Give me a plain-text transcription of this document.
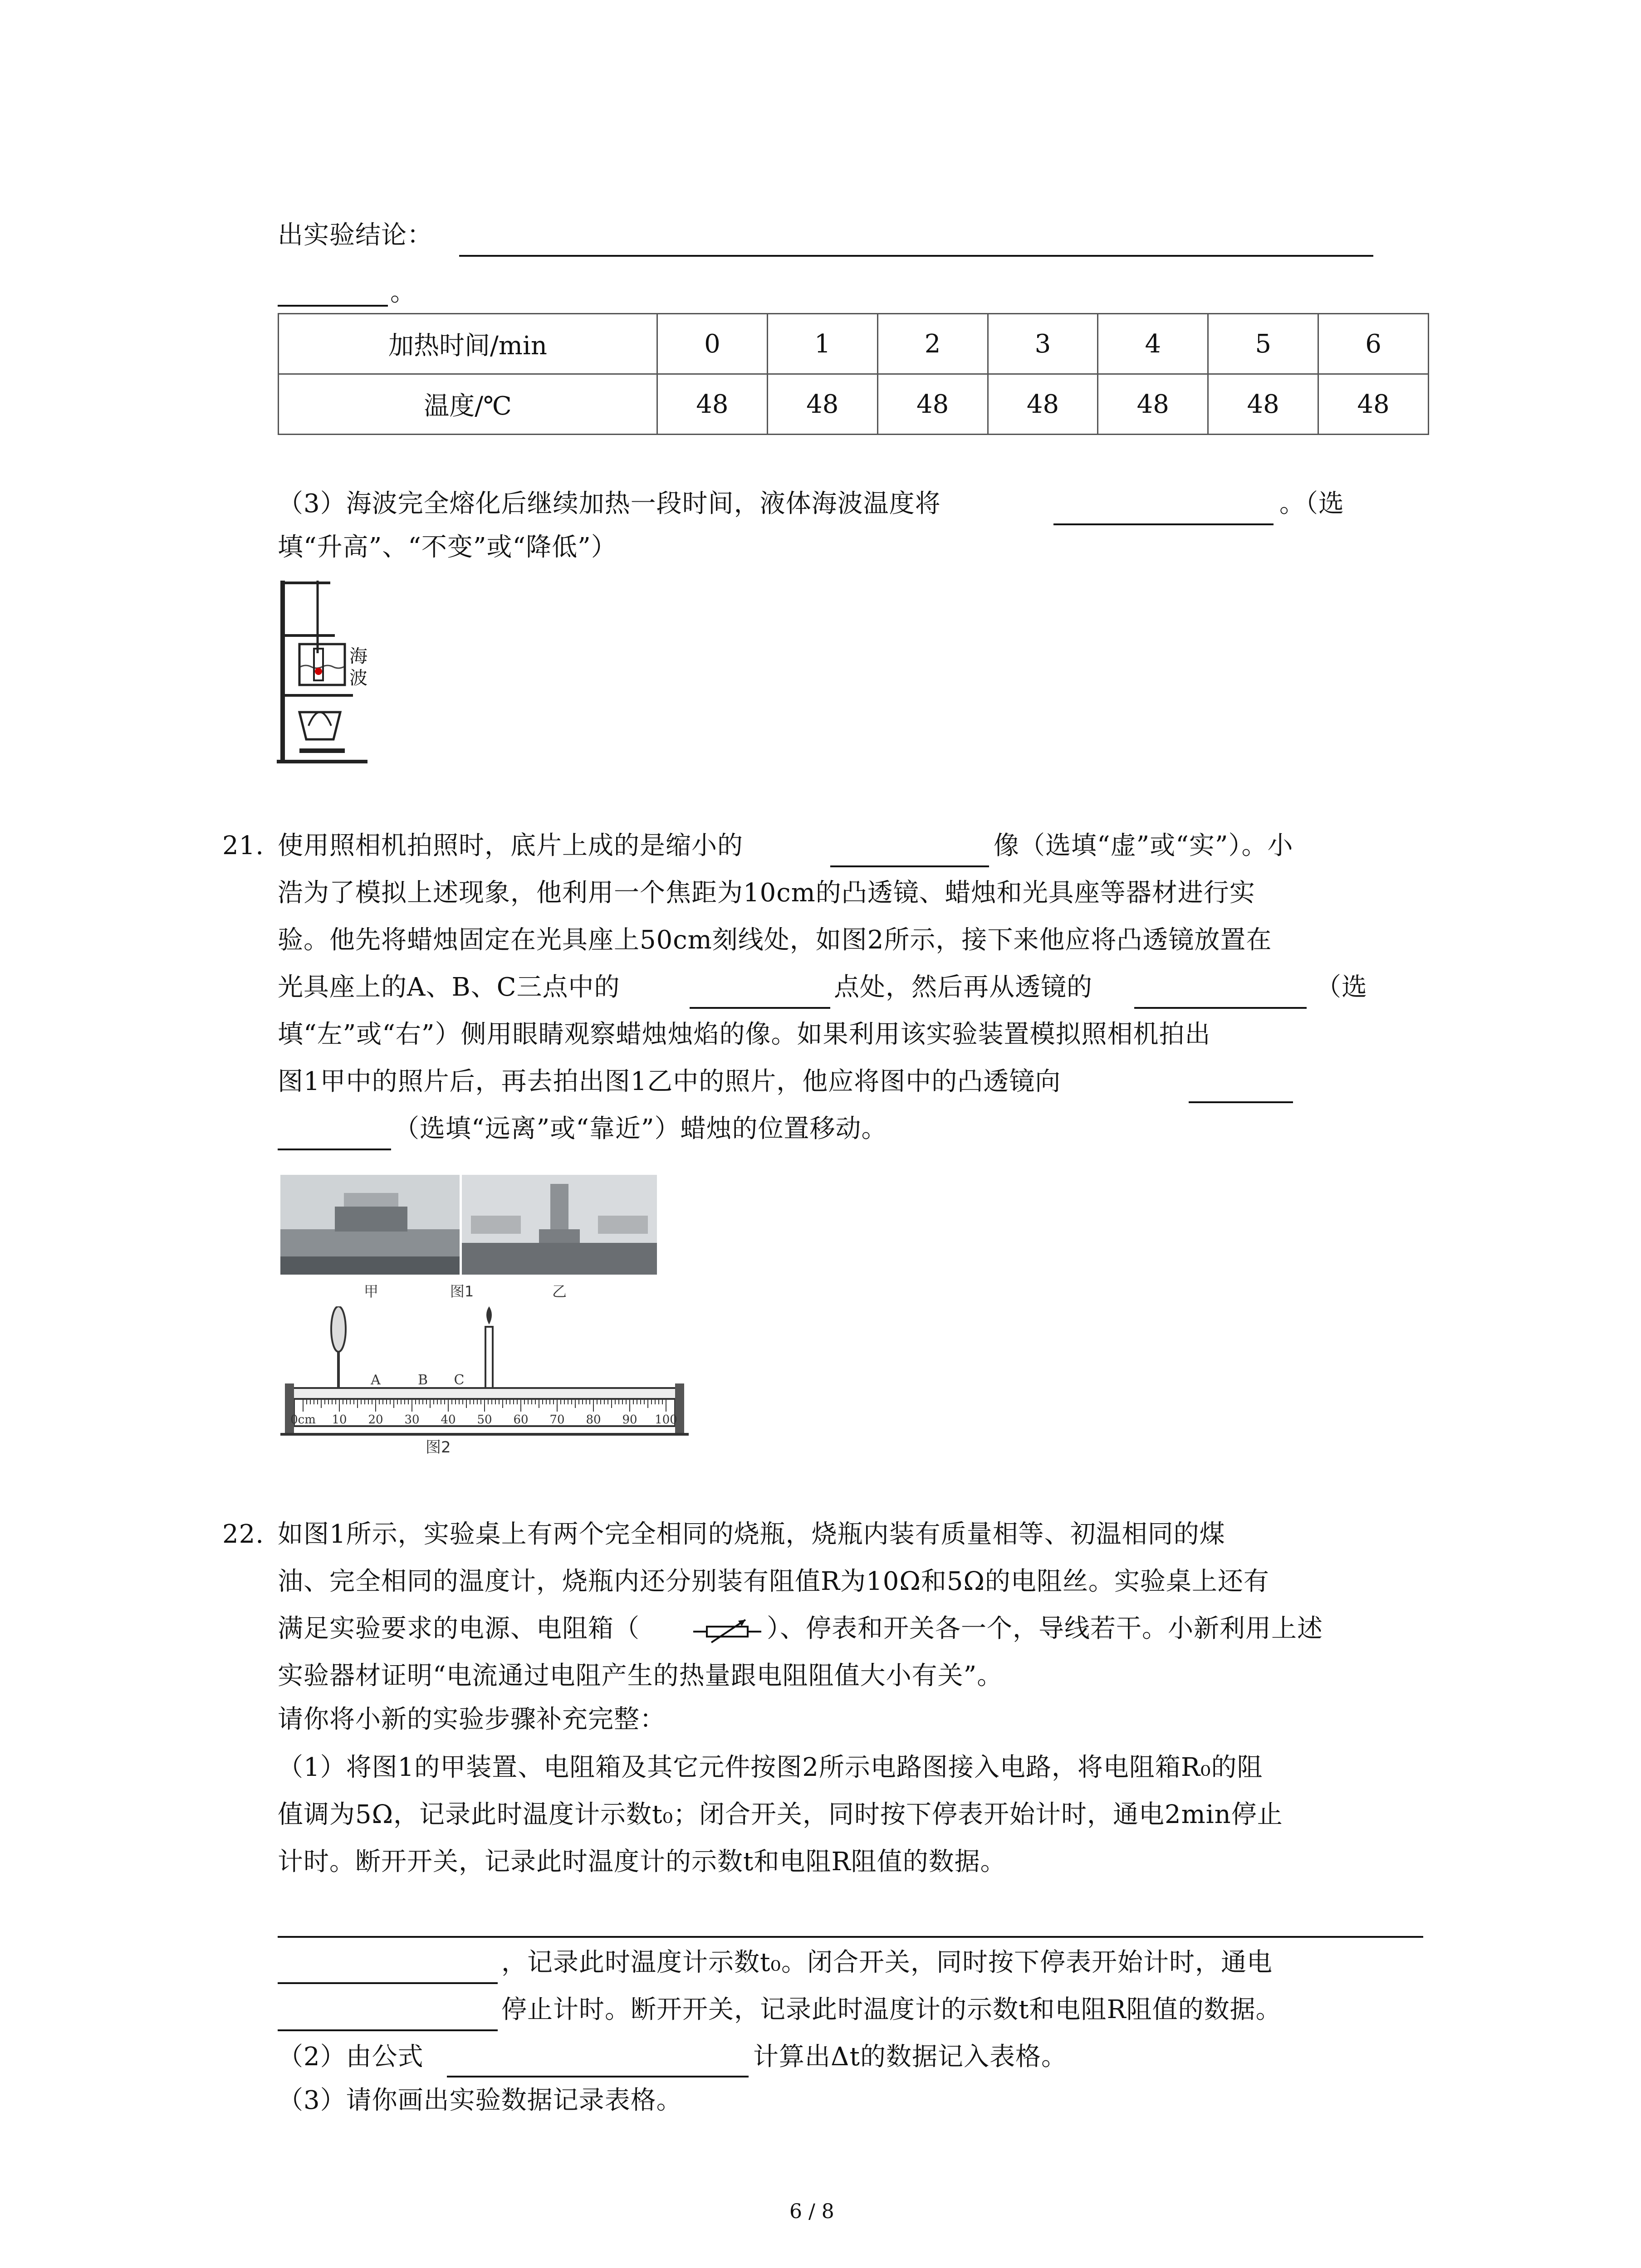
出实验结论：
。
加热时间/min	0	1	2	3	4	5	6
温度/℃	48	48	48	48	48	48	48
（3）海波完全熔化后继续加热一段时间，液体海波温度将	。（选
填“升高”、“不变”或“降低”）
海
波
21. 使用照相机拍照时，底片上成的是缩小的	像（选填“虚”或“实”）。小
浩为了模拟上述现象，他利用一个焦距为10cm的凸透镜、蜡烛和光具座等器材进行实
验。他先将蜡烛固定在光具座上50cm刻线处，如图2所示，接下来他应将凸透镜放置在
光具座上的A、B、C三点中的	点处，然后再从透镜的	（选
填“左”或“右”）侧用眼睛观察蜡烛烛焰的像。如果利用该实验装置模拟照相机拍出
图1甲中的照片后，再去拍出图1乙中的照片，他应将图中的凸透镜向
（选填“远离”或“靠近”）蜡烛的位置移动。
甲	图1	乙
0cm 10 20 30 40 50 60 70 80 90 100
A	B C
图2
22. 如图1所示，实验桌上有两个完全相同的烧瓶，烧瓶内装有质量相等、初温相同的煤
油、完全相同的温度计，烧瓶内还分别装有阻值R为10Ω和5Ω的电阻丝。实验桌上还有
满足实验要求的电源、电阻箱（	）、停表和开关各一个，导线若干。小新利用上述
实验器材证明“电流通过电阻产生的热量跟电阻阻值大小有关”。
请你将小新的实验步骤补充完整：
（1）将图1的甲装置、电阻箱及其它元件按图2所示电路图接入电路，将电阻箱R₀的阻
值调为5Ω，记录此时温度计示数t₀；闭合开关，同时按下停表开始计时，通电2min停止
计时。断开开关，记录此时温度计的示数t和电阻R阻值的数据。
，记录此时温度计示数t₀。闭合开关，同时按下停表开始计时，通电
停止计时。断开开关，记录此时温度计的示数t和电阻R阻值的数据。
（2）由公式	计算出Δt的数据记入表格。
（3）请你画出实验数据记录表格。
6 / 8
